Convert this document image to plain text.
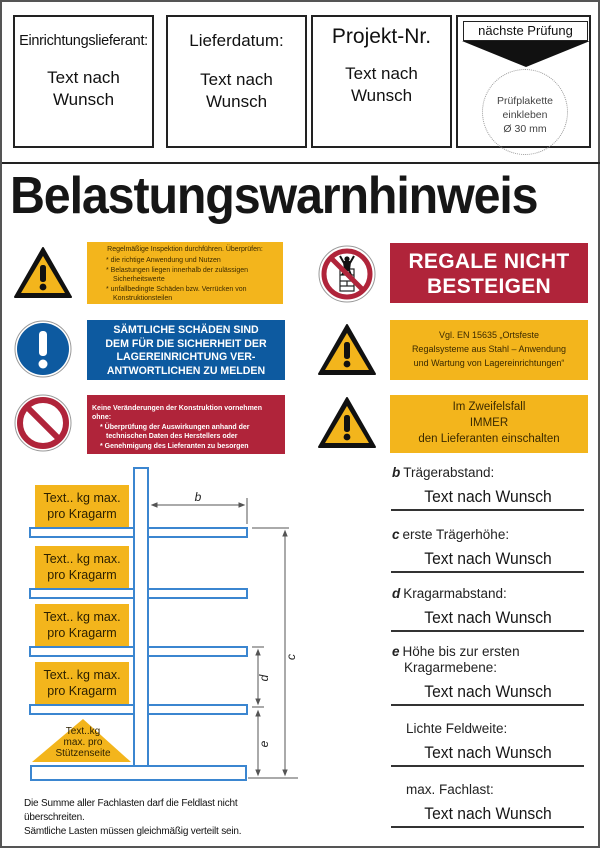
Einrichtungslieferant:
Text nach
Wunsch
Lieferdatum:
Text nach
Wunsch
Projekt-Nr.
Text nach
Wunsch
nächste Prüfung
Prüfplakette
einkleben
Ø 30 mm
Belastungswarnhinweis
Regelmäßige Inspektion durchführen. Überprüfen:
* die richtige Anwendung und Nutzen
* Belastungen liegen innerhalb der zulässigen Sicherheitswerte
* unfallbedingte Schäden bzw. Verrücken von Konstruktionsteilen
SÄMTLICHE SCHÄDEN SIND
DEM FÜR DIE SICHERHEIT DER
LAGEREINRICHTUNG VER-
ANTWORTLICHEN ZU MELDEN
Keine Veränderungen der Konstruktion vornehmen ohne:
* Überprüfung der Auswirkungen anhand der technischen Daten des Herstellers oder
* Genehmigung des Lieferanten zu besorgen
REGALE NICHT
BESTEIGEN
Vgl. EN 15635 „Ortsfeste
Regalsysteme aus Stahl – Anwendung
und Wartung von Lagereinrichtungen“
Im Zweifelsfall
IMMER
den Lieferanten einschalten
b
c
d
e
Text.. kg max.
pro Kragarm
Text.. kg max.
pro Kragarm
Text.. kg max.
pro Kragarm
Text.. kg max.
pro Kragarm
Text..kg
max. pro
Stützenseite
Die Summe aller Fachlasten darf die Feldlast nicht
überschreiten.
Sämtliche Lasten müssen gleichmäßig verteilt sein.
b Trägerabstand:
Text nach Wunsch
c erste Trägerhöhe:
Text nach Wunsch
d Kragarmabstand:
Text nach Wunsch
e Höhe bis zur ersten
Kragarmebene:
Text nach Wunsch
Lichte Feldweite:
Text nach Wunsch
max. Fachlast:
Text nach Wunsch
